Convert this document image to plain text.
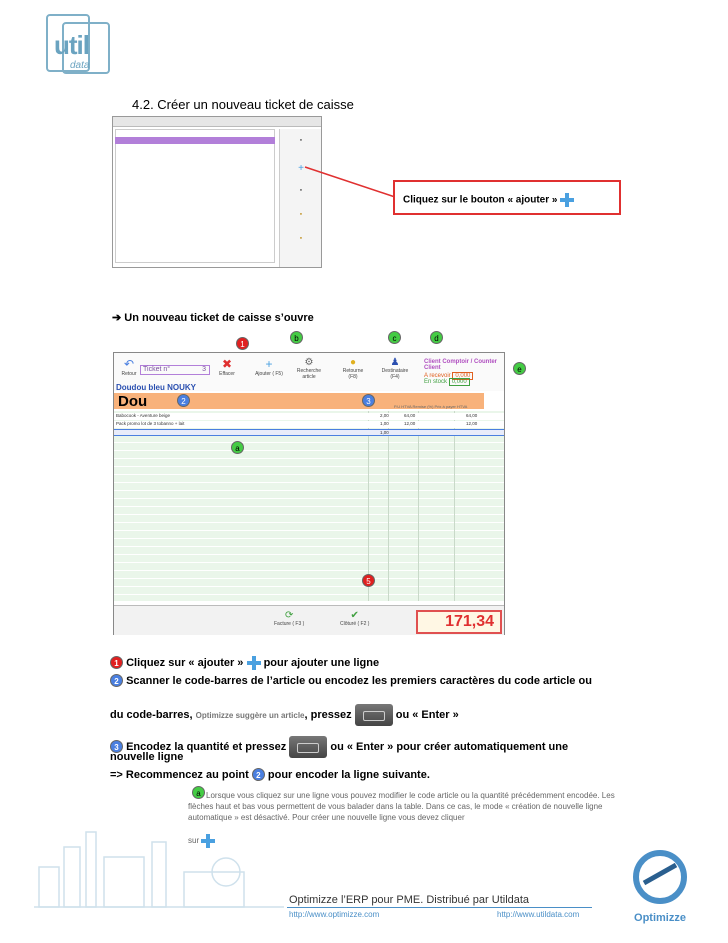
util
data
4.2. Créer un nouveau ticket de caisse
●
+
●
●
●
Cliquez sur le bouton « ajouter »
➔ Un nouveau ticket de caisse s’ouvre
↶
Retour
Ticket n°	3	✖
Effacer
+
Ajouter ( F5)
⚙
Recherche article
●
Retourne (F8)
♟
Destinataire (F4)
Client Comptoir / Counter Client
A recevoir 0,000
En stock 0,000
Doudou bleu NOUKY
Dou	P.U HTVA Remise (%) Prix à payer HTVA
Babocook - Aventure beige	2,00	64,00	64,00
Pack promo lot de 3 tobanno + lait	1,00	12,00	12,00
1,00
⟳
Facture ( F3 )
✔
Clôturé ( F2 )	171,34
1
b	c	d
e
2	3
a
5
1 Cliquez sur « ajouter » pour ajouter une ligne
2 Scanner le code-barres de l’article ou encodez les premiers caractères du code article ou
du code-barres, Optimizze suggère un article, pressez	ou « Enter »
3 Encodez la quantité et pressez	ou « Enter » pour créer automatiquement une
nouvelle ligne
=> Recommencez au point 2 pour encoder la ligne suivante.
a Lorsque vous cliquez sur une ligne vous pouvez modifier le code article ou la quantité précédemment encodée. Les flèches haut et bas vous permettent de vous balader dans la table. Dans ce cas, le mode « création de nouvelle ligne automatique » est désactivé. Pour créer une nouvelle ligne vous devez cliquer
sur
Optimizze l’ERP pour PME. Distribué par Utildata
http://www.optimizze.com	http://www.utildata.com	Optimizze
